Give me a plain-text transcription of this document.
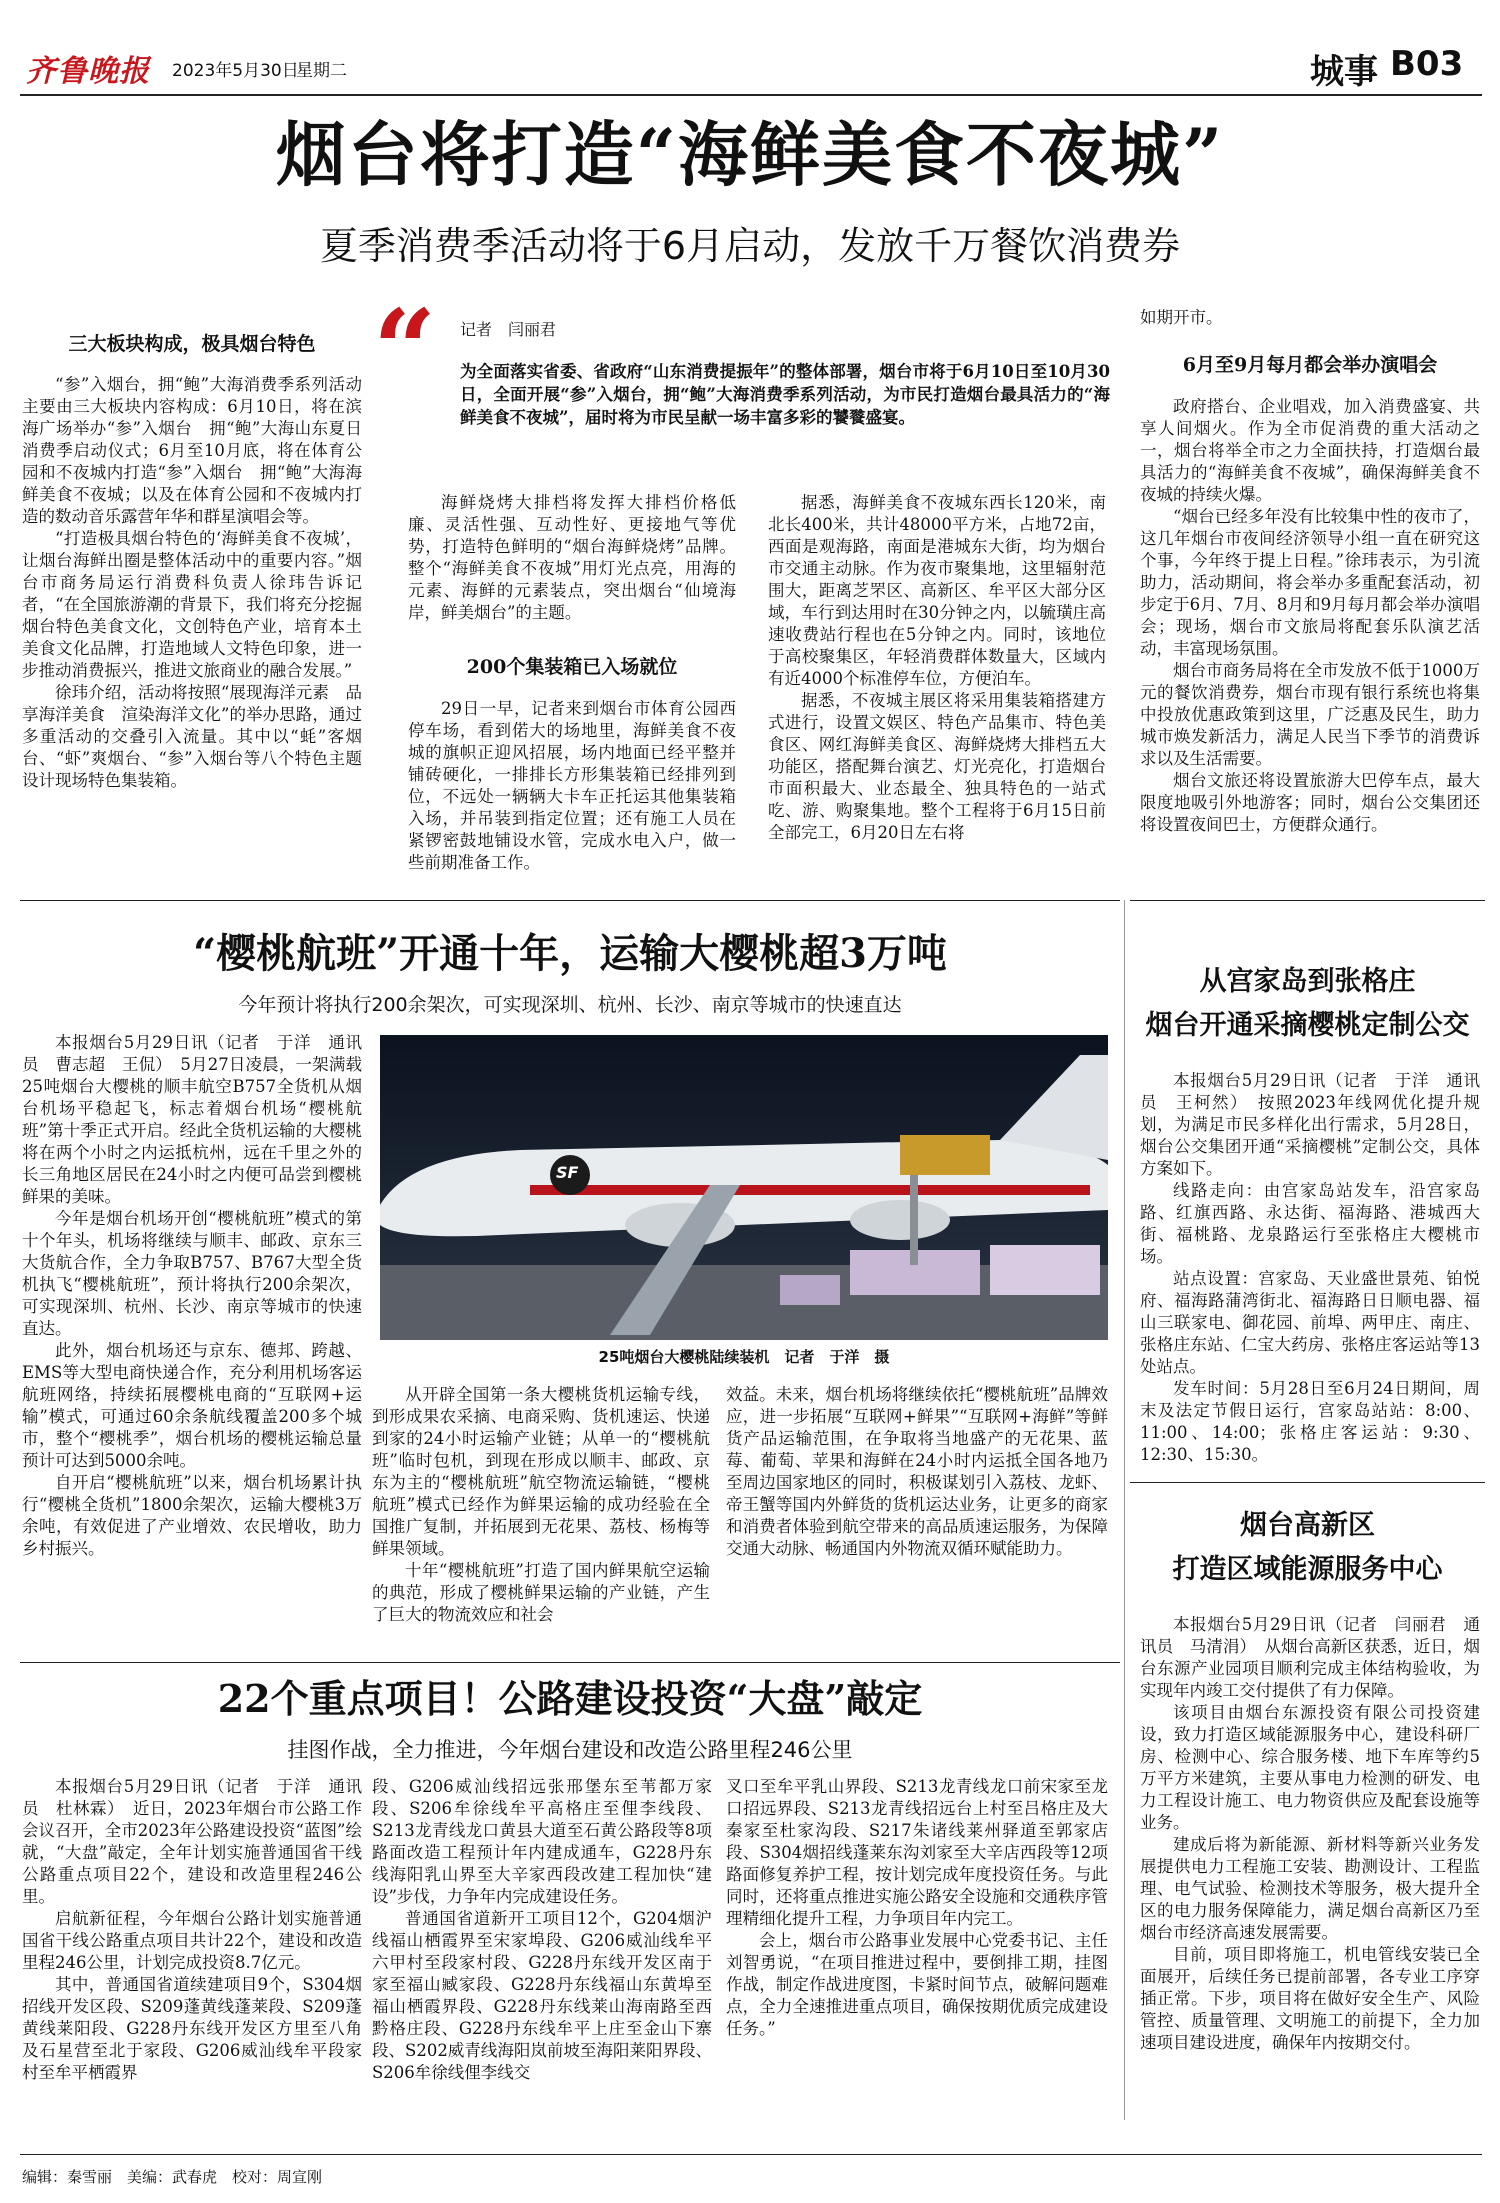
齐鲁晚报 2023年5月30日
星期二	城事 B03
烟台将打造“海鲜美食不夜城”
夏季消费季活动将于6月启动，发放千万餐饮消费券
“ 记者　闫丽君
为全面落实省委、省政府“山东消费提振年”的整体部署，烟台市将于6月10日至10月30日，全面开展“参”入烟台，拥“鲍”大海消费季系列活动，为市民打造烟台最具活力的“海鲜美食不夜城”，届时将为市民呈献一场丰富多彩的饕餮盛宴。
三大板块构成，极具烟台特色

“参”入烟台，拥“鲍”大海消费季系列活动主要由三大板块内容构成：6月10日，将在滨海广场举办“参”入烟台　拥“鲍”大海山东夏日消费季启动仪式；6月至10月底，将在体育公园和不夜城内打造“参”入烟台　拥“鲍”大海海鲜美食不夜城；以及在体育公园和不夜城内打造的数动音乐露营年华和群星演唱会等。

“打造极具烟台特色的‘海鲜美食不夜城’，让烟台海鲜出圈是整体活动中的重要内容。”烟台市商务局运行消费科负责人徐玮告诉记者，“在全国旅游潮的背景下，我们将充分挖掘烟台特色美食文化，文创特色产业，培育本土美食文化品牌，打造地域人文特色印象，进一步推动消费振兴，推进文旅商业的融合发展。”

徐玮介绍，活动将按照“展现海洋元素　品享海洋美食　渲染海洋文化”的举办思路，通过多重活动的交叠引入流量。其中以“蚝”客烟台、“虾”爽烟台、“参”入烟台等八个特色主题设计现场特色集装箱。

海鲜烧烤大排档将发挥大排档价格低廉、灵活性强、互动性好、更接地气等优势，打造特色鲜明的“烟台海鲜烧烤”品牌。整个“海鲜美食不夜城”用灯光点亮，用海的元素、海鲜的元素装点，突出烟台“仙境海岸，鲜美烟台”的主题。

200个集装箱已入场就位

29日一早，记者来到烟台市体育公园西停车场，看到偌大的场地里，海鲜美食不夜城的旗帜正迎风招展，场内地面已经平整并铺砖硬化，一排排长方形集装箱已经排列到位，不远处一辆辆大卡车正托运其他集装箱入场，并吊装到指定位置；还有施工人员在紧锣密鼓地铺设水管，完成水电入户，做一些前期准备工作。

据悉，海鲜美食不夜城东西长120米，南北长400米，共计48000平方米，占地72亩，西面是观海路，南面是港城东大街，均为烟台市交通主动脉。作为夜市聚集地，这里辐射范围大，距离芝罘区、高新区、牟平区大部分区域，车行到达用时在30分钟之内，以毓璜庄高速收费站行程也在5分钟之内。同时，该地位于高校聚集区，年轻消费群体数量大，区域内有近4000个标准停车位，方便泊车。

据悉，不夜城主展区将采用集装箱搭建方式进行，设置文娱区、特色产品集市、特色美食区、网红海鲜美食区、海鲜烧烤大排档五大功能区，搭配舞台演艺、灯光亮化，打造烟台市面积最大、业态最全、独具特色的一站式吃、游、购聚集地。整个工程将于6月15日前全部完工，6月20日左右将

如期开市。
6月至9月每月都会举办演唱会

政府搭台、企业唱戏，加入消费盛宴、共享人间烟火。作为全市促消费的重大活动之一，烟台将举全市之力全面扶持，打造烟台最具活力的“海鲜美食不夜城”，确保海鲜美食不夜城的持续火爆。

“烟台已经多年没有比较集中性的夜市了，这几年烟台市夜间经济领导小组一直在研究这个事，今年终于提上日程。”徐玮表示，为引流助力，活动期间，将会举办多重配套活动，初步定于6月、7月、8月和9月每月都会举办演唱会；现场，烟台市文旅局将配套乐队演艺活动，丰富现场氛围。

烟台市商务局将在全市发放不低于1000万元的餐饮消费券，烟台市现有银行系统也将集中投放优惠政策到这里，广泛惠及民生，助力城市焕发新活力，满足人民当下季节的消费诉求以及生活需要。

烟台文旅还将设置旅游大巴停车点，最大限度地吸引外地游客；同时，烟台公交集团还将设置夜间巴士，方便群众通行。

“樱桃航班”开通十年，运输大樱桃超3万吨
今年预计将执行200余架次，可实现深圳、杭州、长沙、南京等城市的快速直达

本报烟台5月29日讯（记者　于洋　通讯员　曹志超　王侃）　5月27日凌晨，一架满载25吨烟台大樱桃的顺丰航空B757全货机从烟台机场平稳起飞，标志着烟台机场“樱桃航班”第十季正式开启。经此全货机运输的大樱桃将在两个小时之内运抵杭州，远在千里之外的长三角地区居民在24小时之内便可品尝到樱桃鲜果的美味。

今年是烟台机场开创“樱桃航班”模式的第十个年头，机场将继续与顺丰、邮政、京东三大货航合作，全力争取B757、B767大型全货机执飞“樱桃航班”，预计将执行200余架次，可实现深圳、杭州、长沙、南京等城市的快速直达。

此外，烟台机场还与京东、德邦、跨越、EMS等大型电商快递合作，充分利用机场客运航班网络，持续拓展樱桃电商的“互联网+运输”模式，可通过60余条航线覆盖200多个城市，整个“樱桃季”，烟台机场的樱桃运输总量预计可达到5000余吨。

自开启“樱桃航班”以来，烟台机场累计执行“樱桃全货机”1800余架次，运输大樱桃3万余吨，有效促进了产业增效、农民增收，助力乡村振兴。

SF
25吨烟台大樱桃陆续装机　记者　于洋　摄

从开辟全国第一条大樱桃货机运输专线，到形成果农采摘、电商采购、货机速运、快递到家的24小时运输产业链；从单一的“樱桃航班”临时包机，到现在形成以顺丰、邮政、京东为主的“樱桃航班”航空物流运输链，“樱桃航班”模式已经作为鲜果运输的成功经验在全国推广复制，并拓展到无花果、荔枝、杨梅等鲜果领域。

十年“樱桃航班”打造了国内鲜果航空运输的典范，形成了樱桃鲜果运输的产业链，产生了巨大的物流效应和社会

效益。未来，烟台机场将继续依托“樱桃航班”品牌效应，进一步拓展“互联网+鲜果”“互联网+海鲜”等鲜货产品运输范围，在争取将当地盛产的无花果、蓝莓、葡萄、苹果和海鲜在24小时内运抵全国各地乃至周边国家地区的同时，积极谋划引入荔枝、龙虾、帝王蟹等国内外鲜货的货机运达业务，让更多的商家和消费者体验到航空带来的高品质速运服务，为保障交通大动脉、畅通国内外物流双循环赋能助力。

22个重点项目！公路建设投资“大盘”敲定
挂图作战，全力推进，今年烟台建设和改造公路里程246公里

本报烟台5月29日讯（记者　于洋　通讯员　杜林霖）　近日，2023年烟台市公路工作会议召开，全市2023年公路建设投资“蓝图”绘就，“大盘”敲定，全年计划实施普通国省干线公路重点项目22个，建设和改造里程246公里。

启航新征程，今年烟台公路计划实施普通国省干线公路重点项目共计22个，建设和改造里程246公里，计划完成投资8.7亿元。

其中，普通国省道续建项目9个，S304烟招线开发区段、S209蓬黄线蓬莱段、S209蓬黄线莱阳段、G228丹东线开发区方里至八角及石星营至北于家段、G206威汕线牟平段家村至牟平栖霞界

段、G206威汕线招远张邢堡东至苇都万家段、S206牟徐线牟平高格庄至俚李线段、S213龙青线龙口黄县大道至石黄公路段等8项路面改造工程预计年内建成通车，G228丹东线海阳乳山界至大辛家西段改建工程加快“建设”步伐，力争年内完成建设任务。

普通国省道新开工项目12个，G204烟沪线福山栖霞界至宋家埠段、G206威汕线牟平六甲村至段家村段、G228丹东线开发区南于家至福山臧家段、G228丹东线福山东黄埠至福山栖霞界段、G228丹东线莱山海南路至西黔格庄段、G228丹东线牟平上庄至金山下寨段、S202威青线海阳岚前坡至海阳莱阳界段、S206牟徐线俚李线交

叉口至牟平乳山界段、S213龙青线龙口前宋家至龙口招远界段、S213龙青线招远台上村至吕格庄及大秦家至杜家沟段、S217朱诸线莱州驿道至郭家店段、S304烟招线蓬莱东沟刘家至大辛店西段等12项路面修复养护工程，按计划完成年度投资任务。与此同时，还将重点推进实施公路安全设施和交通秩序管理精细化提升工程，力争项目年内完工。

会上，烟台市公路事业发展中心党委书记、主任刘智勇说，“在项目推进过程中，要倒排工期，挂图作战，制定作战进度图，卡紧时间节点，破解问题难点，全力全速推进重点项目，确保按期优质完成建设任务。”

从宫家岛到张格庄
烟台开通采摘樱桃定制公交

本报烟台5月29日讯（记者　于洋　通讯员　王柯然）　按照2023年线网优化提升规划，为满足市民多样化出行需求，5月28日，烟台公交集团开通“采摘樱桃”定制公交，具体方案如下。

线路走向：由宫家岛站发车，沿宫家岛路、红旗西路、永达街、福海路、港城西大街、福桃路、龙泉路运行至张格庄大樱桃市场。

站点设置：宫家岛、天业盛世景苑、铂悦府、福海路蒲湾街北、福海路日日顺电器、福山三联家电、御花园、前埠、两甲庄、南庄、张格庄东站、仁宝大药房、张格庄客运站等13处站点。

发车时间：5月28日至6月24日期间，周末及法定节假日运行，宫家岛站站：8:00、11:00、14:00；张格庄客运站：9:30、12:30、15:30。

烟台高新区
打造区域能源服务中心

本报烟台5月29日讯（记者　闫丽君　通讯员　马清涓）　从烟台高新区获悉，近日，烟台东源产业园项目顺利完成主体结构验收，为实现年内竣工交付提供了有力保障。

该项目由烟台东源投资有限公司投资建设，致力打造区域能源服务中心，建设科研厂房、检测中心、综合服务楼、地下车库等约5万平方米建筑，主要从事电力检测的研发、电力工程设计施工、电力物资供应及配套设施等业务。

建成后将为新能源、新材料等新兴业务发展提供电力工程施工安装、勘测设计、工程监理、电气试验、检测技术等服务，极大提升全区的电力服务保障能力，满足烟台高新区乃至烟台市经济高速发展需要。

目前，项目即将施工，机电管线安装已全面展开，后续任务已提前部署，各专业工序穿插正常。下步，项目将在做好安全生产、风险管控、质量管理、文明施工的前提下，全力加速项目建设进度，确保年内按期交付。

编辑：秦雪丽　美编：武春虎　校对：周宣刚
